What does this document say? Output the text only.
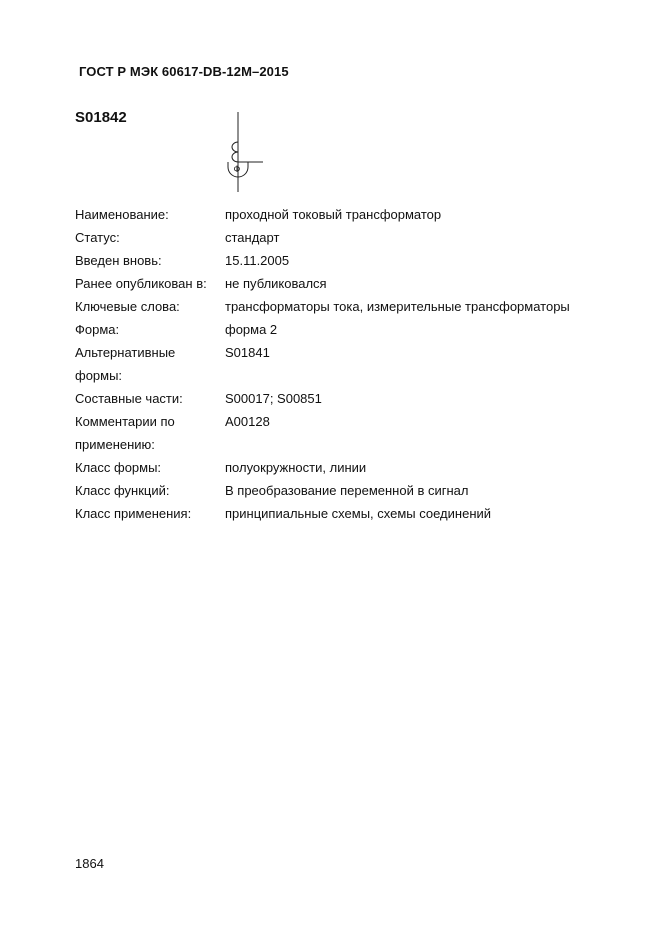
ГОСТ Р МЭК 60617-DB-12M–2015
S01842
Ф
Наименование:	проходной токовый трансформатор
Статус:	стандарт
Введен вновь:	15.11.2005
Ранее опубликован в:	не публиковался
Ключевые слова:	трансформаторы тока, измерительные трансформаторы
Форма:	форма 2
Альтернативные формы:	S01841
Составные части:	S00017; S00851
Комментарии по применению:	A00128
Класс формы:	полуокружности, линии
Класс функций:	В преобразование переменной в сигнал
Класс применения:	принципиальные схемы, схемы соединений
1864
